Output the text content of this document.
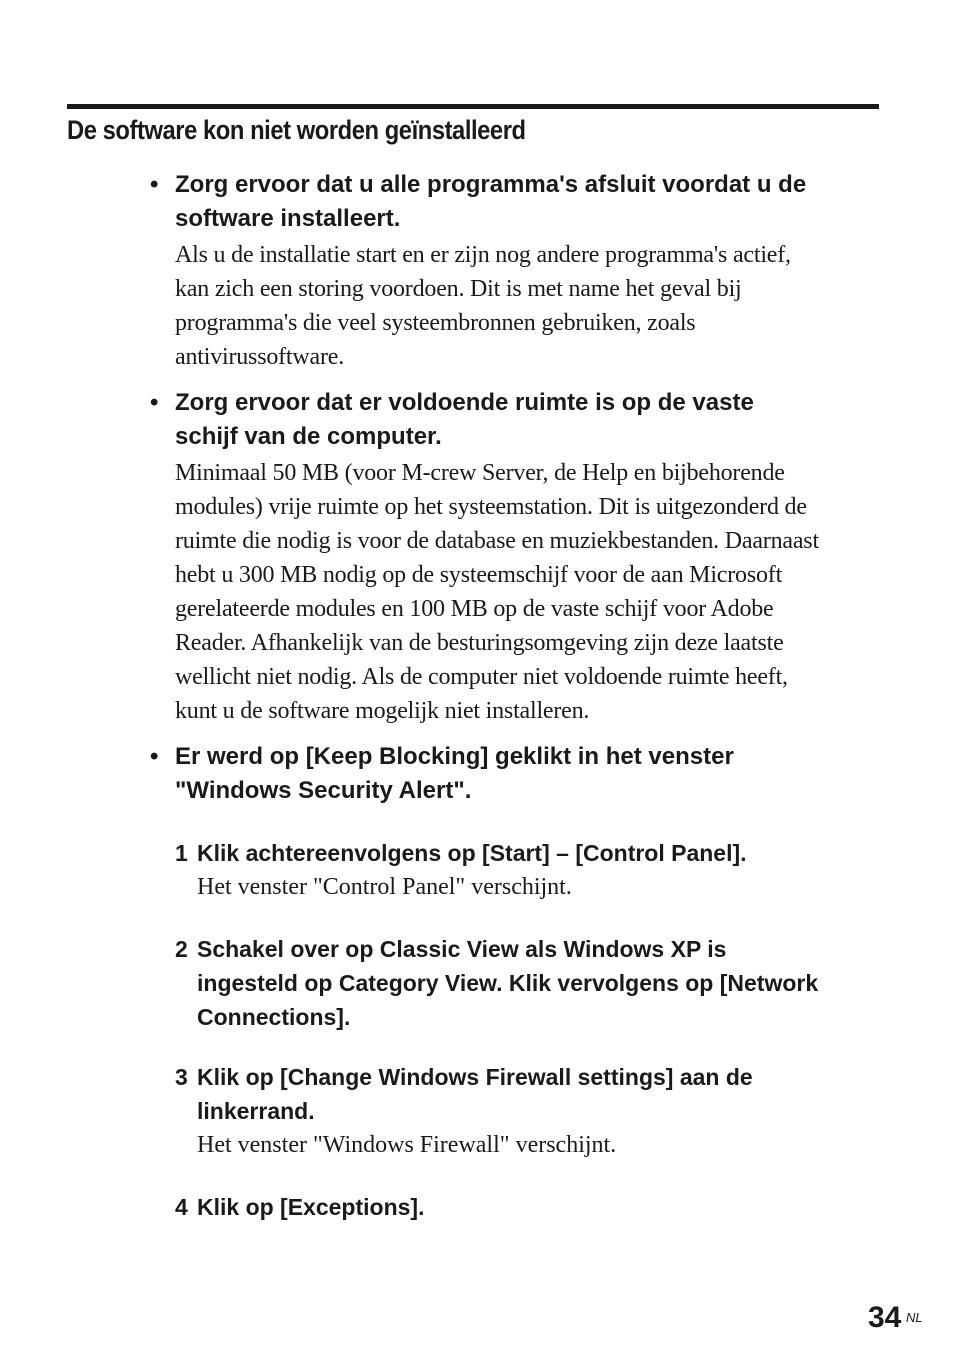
De software kon niet worden geïnstalleerd

• Zorg ervoor dat u alle programma's afsluit voordat u de
software installeert.

Als u de installatie start en er zijn nog andere programma's actief,
kan zich een storing voordoen. Dit is met name het geval bij
programma's die veel systeembronnen gebruiken, zoals
antivirussoftware.

• Zorg ervoor dat er voldoende ruimte is op de vaste
schijf van de computer.

Minimaal 50 MB (voor M-crew Server, de Help en bijbehorende
modules) vrije ruimte op het systeemstation. Dit is uitgezonderd de
ruimte die nodig is voor de database en muziekbestanden. Daarnaast
hebt u 300 MB nodig op de systeemschijf voor de aan Microsoft
gerelateerde modules en 100 MB op de vaste schijf voor Adobe
Reader. Afhankelijk van de besturingsomgeving zijn deze laatste
wellicht niet nodig. Als de computer niet voldoende ruimte heeft,
kunt u de software mogelijk niet installeren.

• Er werd op [Keep Blocking] geklikt in het venster
"Windows Security Alert".

1 Klik achtereenvolgens op [Start] – [Control Panel].

Het venster "Control Panel" verschijnt.

2 Schakel over op Classic View als Windows XP is
ingesteld op Category View. Klik vervolgens op [Network
Connections].

3 Klik op [Change Windows Firewall settings] aan de
linkerrand.

Het venster "Windows Firewall" verschijnt.

4 Klik op [Exceptions].

34 NL
